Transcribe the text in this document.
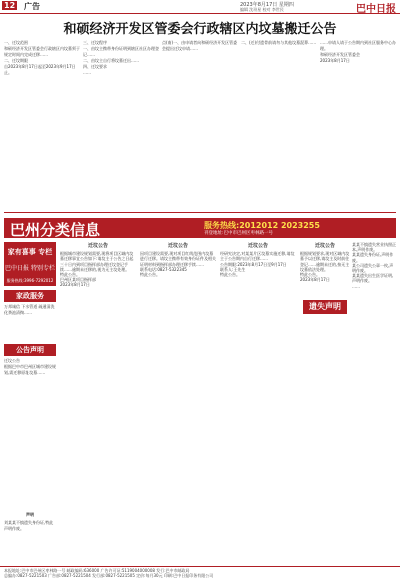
12 广告	2023年8月17日 星期四
编辑 沈玢星 校对 李世民	巴中日报
和硕经济开发区管委会行政辖区内坟墓搬迁公告
一、迁坟范围
和硕经济开发区管委会行政辖区内坟墓须于规定时间内完成迁移……
二、迁坟期限
自2023年8月17日起至2023年9月17日止。
三、迁坟程序
一、由坟主携带身份证明到辖区社区办理登记……
二、由坟主自行将坟墓迁出……
四、迁坟要求
……
点(南)一、由申请者向和硕经济开发区管委会提出迁坟申请……
二、(迁)付遗骨前请勿与其他坟墓混葬…… ……申请人请于公告期内到社区服务中心办理。
和硕经济开发区管委会
2023年8月17日
巴州分类信息	服务热线:2012012 2023255
刊登地址:巴中市巴州区枣林路一号
家有喜事 专栏
巴中日报 特别专栏
服务热线:3996-7292012
家政服务
万邦诚信 下水管道 疏通清洗 化粪池清掏……
公告声明
迁坟公告
根据巴中市巴州区城市建设规划,需迁移原址坟墓……
声明
刘某某不慎遗失身份证,特此声明作废。
迁坟公告

根据城市建设规划需要,现将项目区域内坟墓迁移事宜公告如下:请坟主于公告之日起三十日内到项目指挥部办理迁坟登记手续……逾期未迁移的,视为无主坟处理。
特此公告。
巴州区某项目指挥部
2023年8月17日

迁坟公告

因项目建设需要,现对项目红线范围内坟墓进行迁移。请坟主携带有效身份证件及相关证明材料到指挥部办理迁移手续……
联系电话:0827-5322345
特此公告。

迁坟公告

经研究决定,对某某片区坟墓实施迁移,请坟主于公告期内自行迁移……
公告期限:2023年8月17日至9月17日
联系人:王先生
特此公告。

迁坟公告

根据规划要求,现对区域内坟墓予以迁移,请坟主及时前往登记……逾期未迁的,按无主坟墓依法处理。
特此公告。
2023年8月17日

遗失声明

某某不慎遗失营业执照正本,声明作废。
某某遗失身份证,声明作废。
某公司遗失公章一枚,声明作废。
某某遗失出生医学证明,声明作废。
……

本报地址:巴中市巴州区枣林路一号 邮政编码:636000 广告许可证:5119004000008 发行:巴中市邮政局
总编办:0827-5221503 广告部:0827-5221504 发行部:0827-5221505 定价:每月30元 印刷:巴中日报印务有限公司
